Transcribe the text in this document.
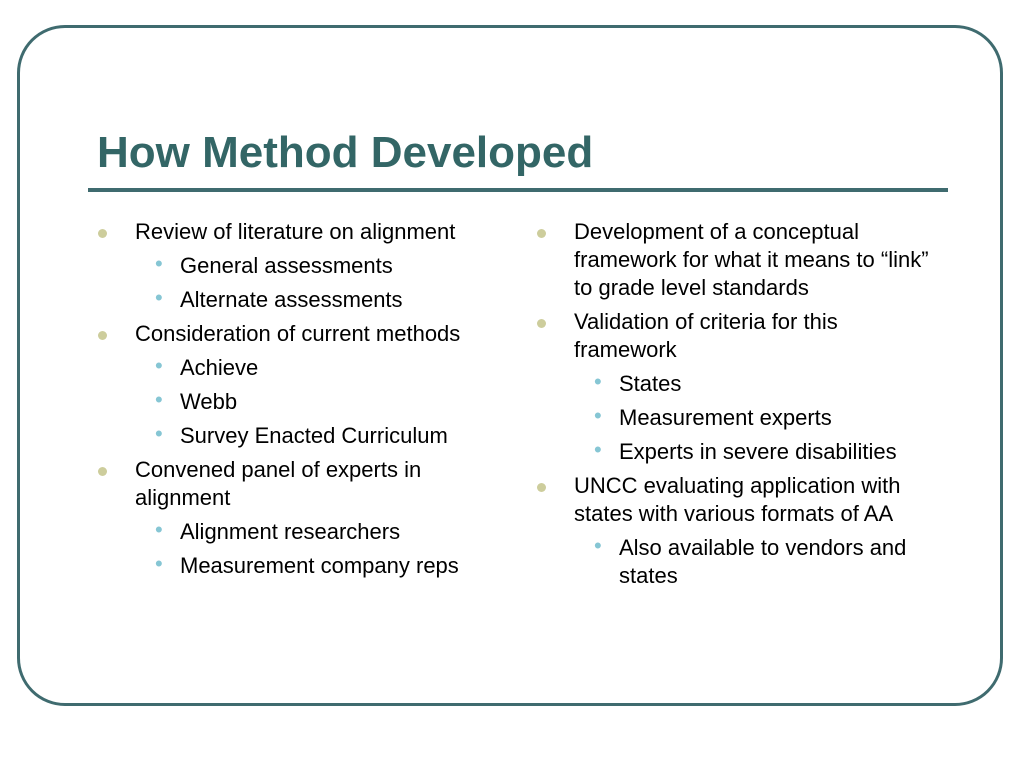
How Method Developed
Review of literature on alignment
• General assessments
• Alternate assessments
Consideration of current methods
• Achieve
• Webb
• Survey Enacted Curriculum
Convened panel of experts in alignment
• Alignment researchers
• Measurement company reps
Development of a conceptual framework for what it means to “link” to grade level standards
Validation of criteria for this framework
• States
• Measurement experts
• Experts in severe disabilities
UNCC evaluating application with states with various formats of AA
• Also available to vendors and states
